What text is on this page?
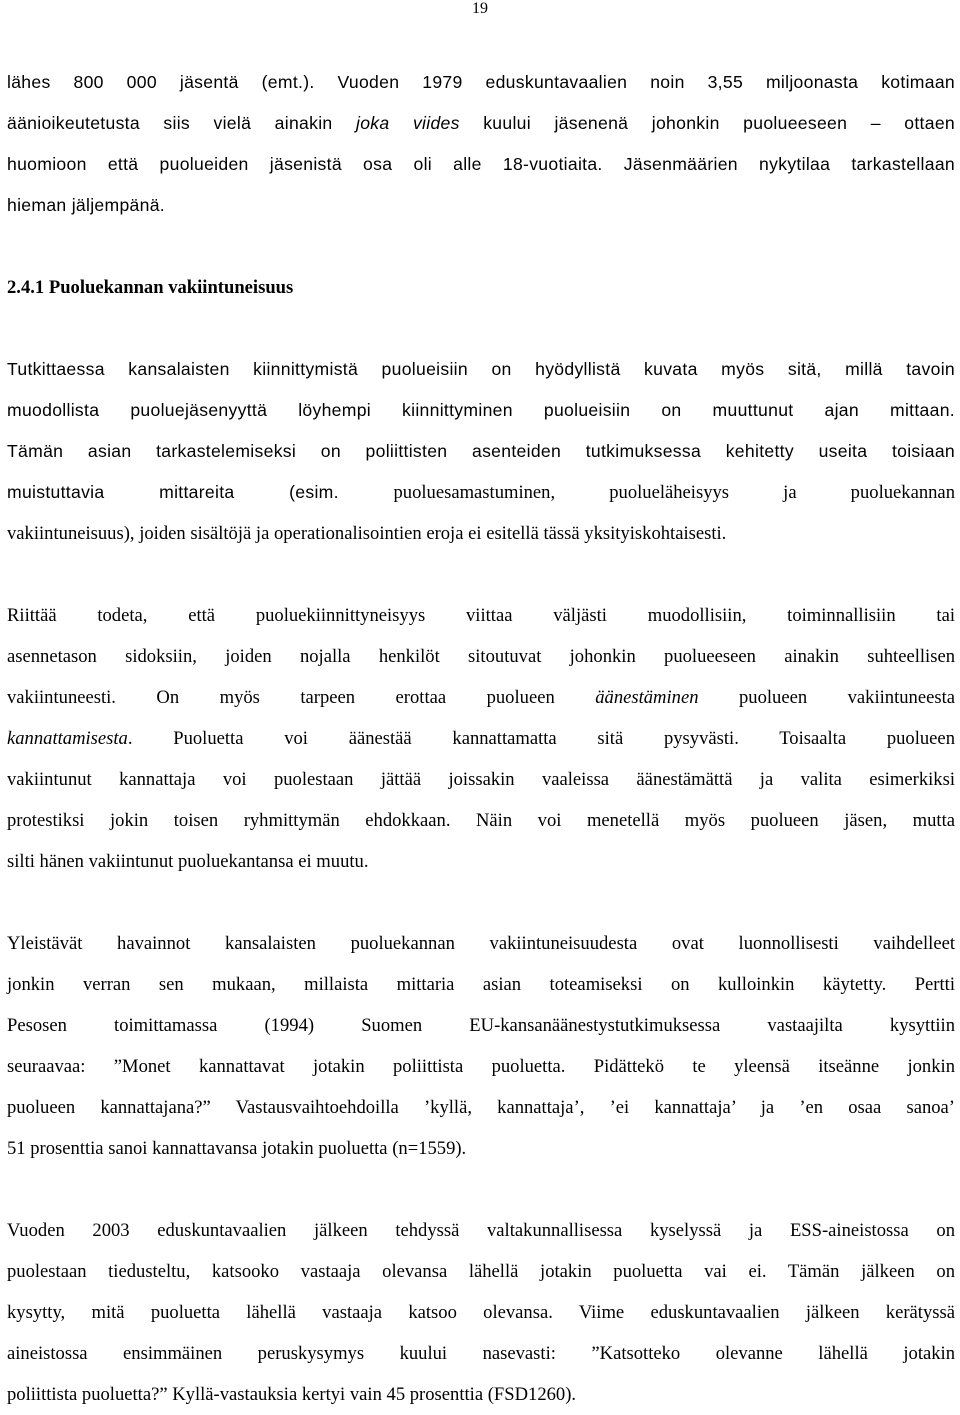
19
lähes 800 000 jäsentä (emt.). Vuoden 1979 eduskuntavaalien noin 3,55 miljoonasta kotimaan
äänioikeutetusta siis vielä ainakin joka viides kuului jäsenenä johonkin puolueeseen – ottaen
huomioon että puolueiden jäsenistä osa oli alle 18-vuotiaita. Jäsenmäärien nykytilaa tarkastellaan
hieman jäljempänä.
2.4.1 Puoluekannan vakiintuneisuus
Tutkittaessa kansalaisten kiinnittymistä puolueisiin on hyödyllistä kuvata myös sitä, millä tavoin
muodollista puoluejäsenyyttä löyhempi kiinnittyminen puolueisiin on muuttunut ajan mittaan.
Tämän asian tarkastelemiseksi on poliittisten asenteiden tutkimuksessa kehitetty useita toisiaan
muistuttavia mittareita (esim. puoluesamastuminen, puolueläheisyys ja puoluekannan
vakiintuneisuus), joiden sisältöjä ja operationalisointien eroja ei esitellä tässä yksityiskohtaisesti.
Riittää todeta, että puoluekiinnittyneisyys viittaa väljästi muodollisiin, toiminnallisiin tai
asennetason sidoksiin, joiden nojalla henkilöt sitoutuvat johonkin puolueeseen ainakin suhteellisen
vakiintuneesti. On myös tarpeen erottaa puolueen äänestäminen puolueen vakiintuneesta
kannattamisesta. Puoluetta voi äänestää kannattamatta sitä pysyvästi. Toisaalta puolueen
vakiintunut kannattaja voi puolestaan jättää joissakin vaaleissa äänestämättä ja valita esimerkiksi
protestiksi jokin toisen ryhmittymän ehdokkaan. Näin voi menetellä myös puolueen jäsen, mutta
silti hänen vakiintunut puoluekantansa ei muutu.
Yleistävät havainnot kansalaisten puoluekannan vakiintuneisuudesta ovat luonnollisesti vaihdelleet
jonkin verran sen mukaan, millaista mittaria asian toteamiseksi on kulloinkin käytetty. Pertti
Pesosen toimittamassa (1994) Suomen EU-kansanäänestystutkimuksessa vastaajilta kysyttiin
seuraavaa: ”Monet kannattavat jotakin poliittista puoluetta. Pidättekö te yleensä itseänne jonkin
puolueen kannattajana?” Vastausvaihtoehdoilla ’kyllä, kannattaja’, ’ei kannattaja’ ja ’en osaa sanoa’
51 prosenttia sanoi kannattavansa jotakin puoluetta (n=1559).
Vuoden 2003 eduskuntavaalien jälkeen tehdyssä valtakunnallisessa kyselyssä ja ESS-aineistossa on
puolestaan tiedusteltu, katsooko vastaaja olevansa lähellä jotakin puoluetta vai ei. Tämän jälkeen on
kysytty, mitä puoluetta lähellä vastaaja katsoo olevansa. Viime eduskuntavaalien jälkeen kerätyssä
aineistossa ensimmäinen peruskysymys kuului nasevasti: ”Katsotteko olevanne lähellä jotakin
poliittista puoluetta?” Kyllä-vastauksia kertyi vain 45 prosenttia (FSD1260).
